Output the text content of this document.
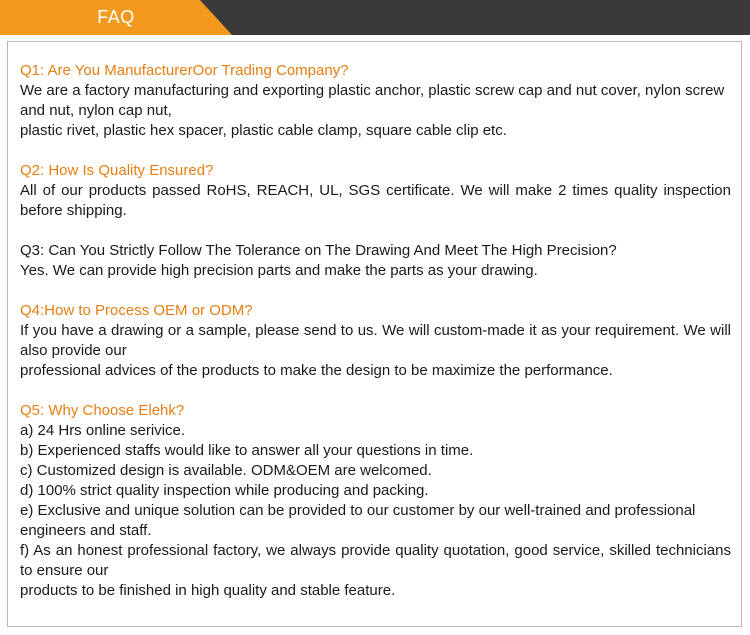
FAQ
Q1: Are You ManufacturerOor Trading Company?
We are a factory manufacturing and exporting plastic anchor, plastic screw cap and nut cover, nylon screw and nut, nylon cap nut,
plastic rivet, plastic hex spacer, plastic cable clamp, square cable clip etc.
Q2: How Is Quality Ensured?
All of our products passed RoHS, REACH, UL, SGS certificate. We will make 2 times quality inspection before shipping.
Q3: Can You Strictly Follow The Tolerance on The Drawing And Meet The High Precision?
Yes. We can provide high precision parts and make the parts as your drawing.
Q4:How to Process OEM or ODM?
If you have a drawing or a sample, please send to us. We will custom-made it as your requirement. We will also provide our
professional advices of the products to make the design to be maximize the performance.
Q5: Why Choose Elehk?
a) 24 Hrs online serivice.
b) Experienced staffs would like to answer all your questions in time.
c) Customized design is available. ODM&OEM are welcomed.
d) 100% strict quality inspection while producing and packing.
e) Exclusive and unique solution can be provided to our customer by our well-trained and professional engineers and staff.
f) As an honest professional factory, we always provide quality quotation, good service, skilled technicians to ensure our
products to be finished in high quality and stable feature.
